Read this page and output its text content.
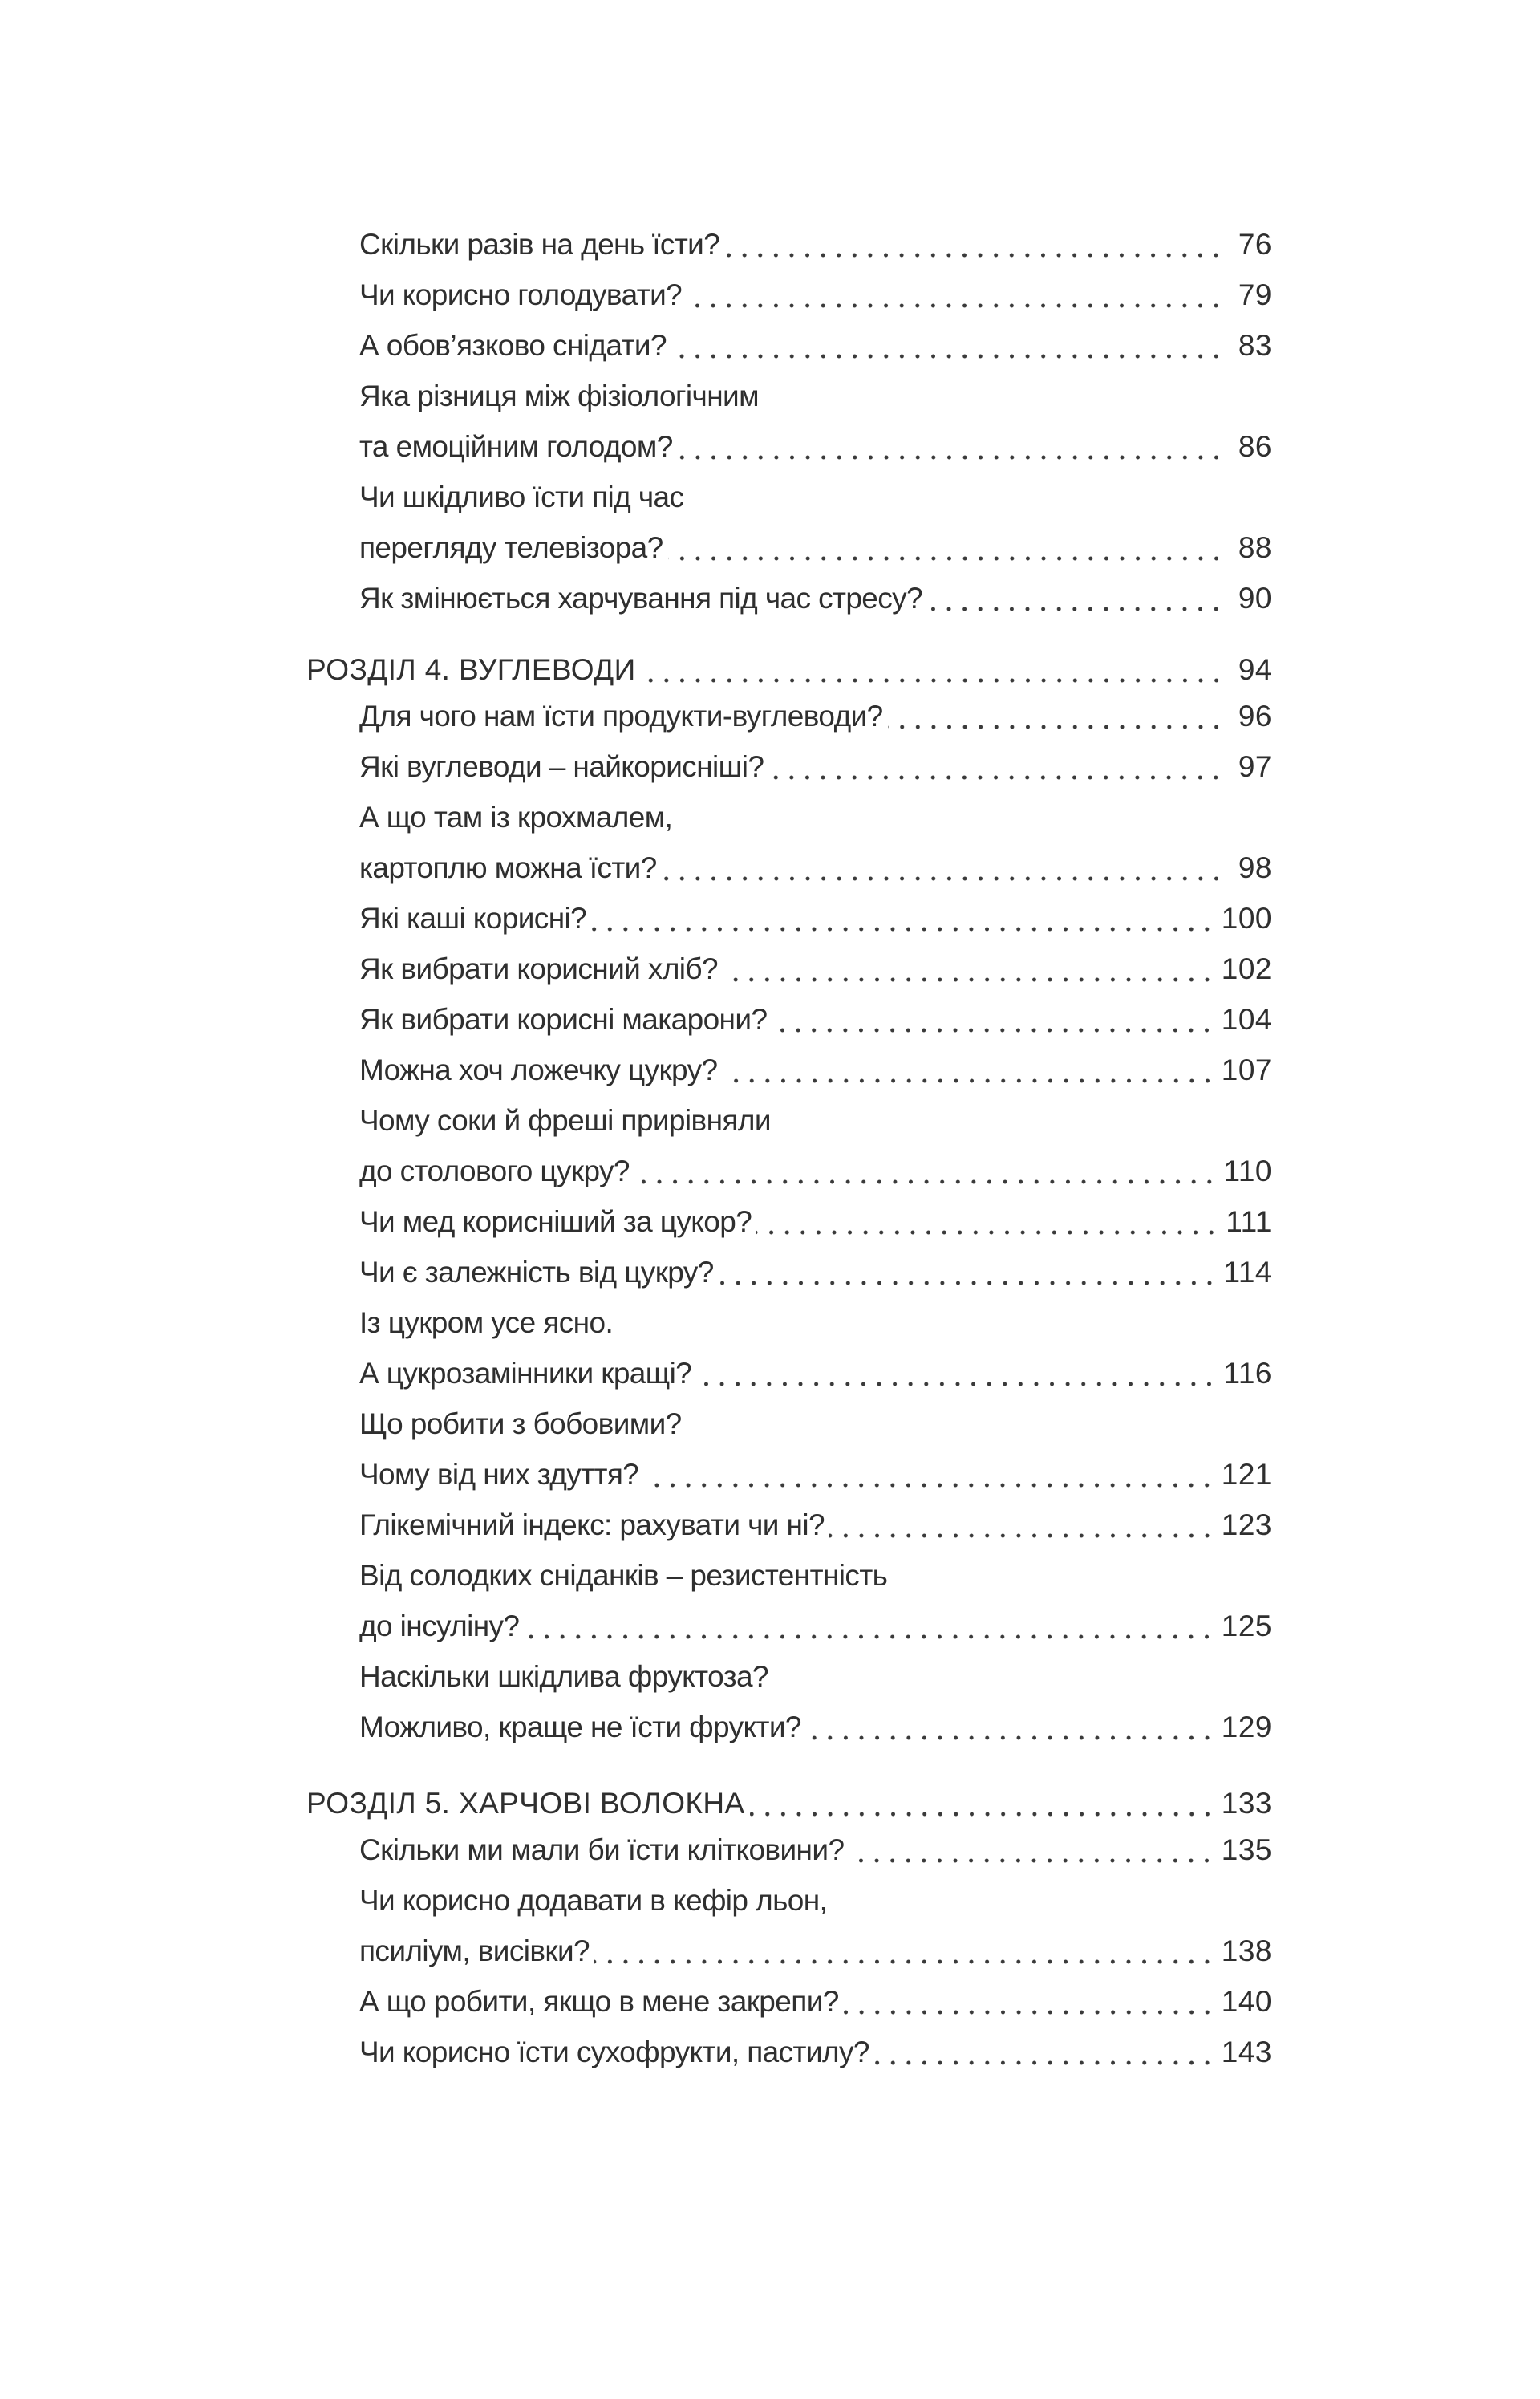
Скільки разів на день їсти?	76
Чи корисно голодувати?	79
А обов’язково снідати?	83
Яка різниця між фізіологічним
та емоційним голодом?	86
Чи шкідливо їсти під час
перегляду телевізора?	88
Як змінюється харчування під час стресу?	90
РОЗДІЛ 4. ВУГЛЕВОДИ	94
Для чого нам їсти продукти-вуглеводи?	96
Які вуглеводи – найкорисніші?	97
А що там із крохмалем,
картоплю можна їсти?	98
Які каші корисні?	100
Як вибрати корисний хліб?	102
Як вибрати корисні макарони?	104
Можна хоч ложечку цукру?	107
Чому соки й фреші прирівняли
до столового цукру?	110
Чи мед корисніший за цукор?	111
Чи є залежність від цукру?	114
Із цукром усе ясно.
А цукрозамінники кращі?	116
Що робити з бобовими?
Чому від них здуття?	121
Глікемічний індекс: рахувати чи ні?	123
Від солодких сніданків – резистентність
до інсуліну?	125
Наскільки шкідлива фруктоза?
Можливо, краще не їсти фрукти?	129
РОЗДІЛ 5. ХАРЧОВІ ВОЛОКНА	133
Скільки ми мали би їсти клітковини?	135
Чи корисно додавати в кефір льон,
псиліум, висівки?	138
А що робити, якщо в мене закрепи?	140
Чи корисно їсти сухофрукти, пастилу?	143
